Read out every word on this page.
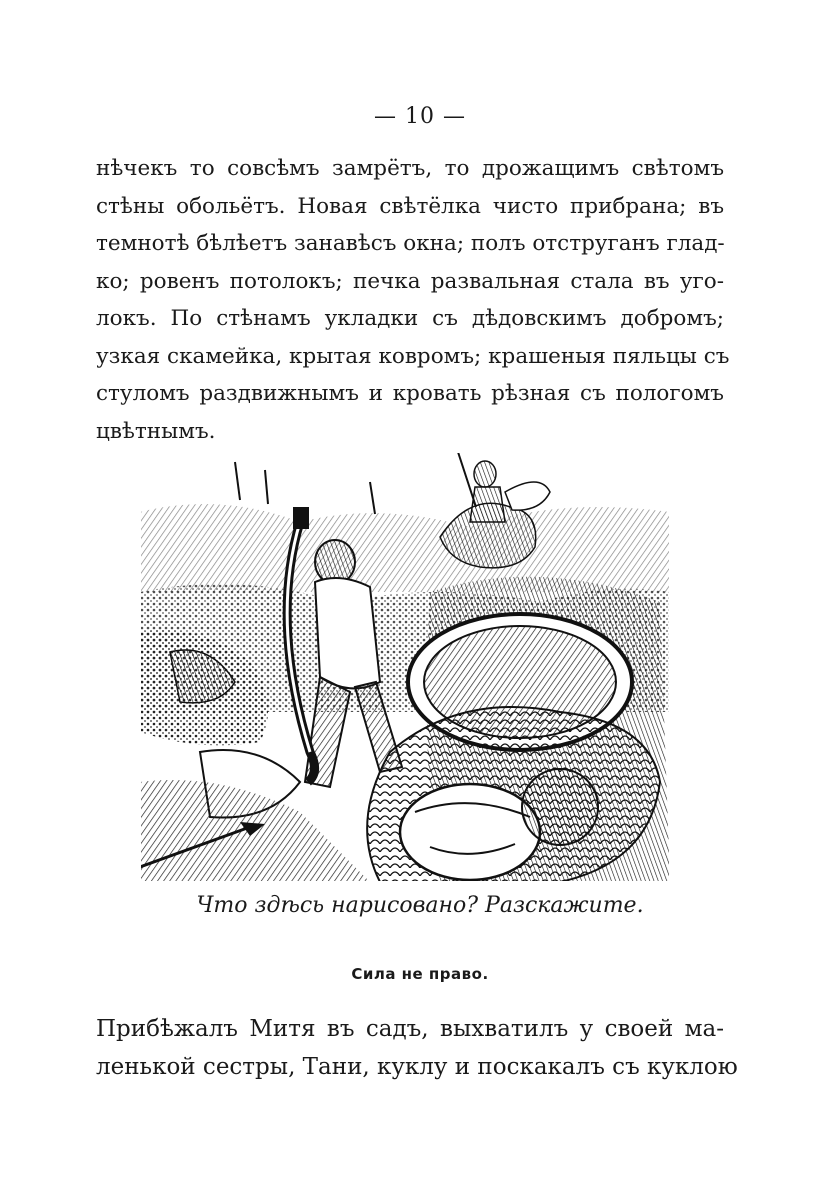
— 10 —

нѣчекъ то совсѣмъ замрётъ, то дрожащимъ свѣтомъ
стѣны обольётъ. Новая свѣтёлка чисто прибрана; въ
темнотѣ бѣлѣетъ занавѣсъ окна; полъ отструганъ глад-
ко; ровенъ потолокъ; печка развальная стала въ уго-
локъ. По стѣнамъ укладки съ дѣдовскимъ добромъ;
узкая скамейка, крытая ковромъ; крашеныя пяльцы съ
стуломъ раздвижнымъ и кровать рѣзная съ пологомъ
цвѣтнымъ.

Что здѣсь нарисовано? Разскажите.
Сила не право.

Прибѣжалъ Митя въ садъ, выхватилъ у своей ма-
ленькой сестры, Тани, куклу и поскакалъ съ куклою
